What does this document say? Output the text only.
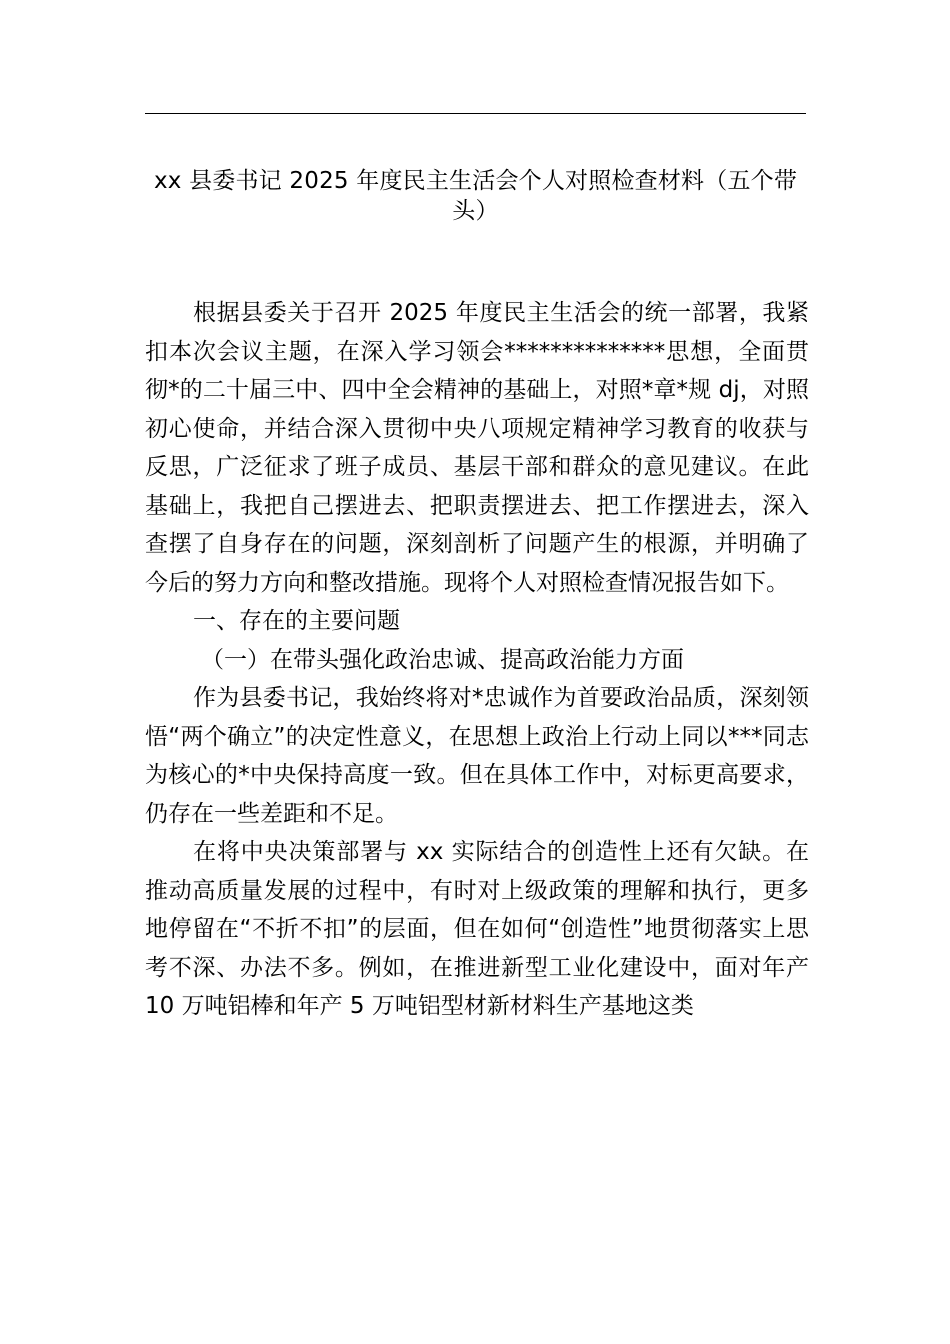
xx 县委书记 2025 年度民主生活会个人对照检查材料（五个带头）

根据县委关于召开 2025 年度民主生活会的统一部署，我紧扣本次会议主题，在深入学习领会**************思想，全面贯彻*的二十届三中、四中全会精神的基础上，对照*章*规 dj，对照初心使命，并结合深入贯彻中央八项规定精神学习教育的收获与反思，广泛征求了班子成员、基层干部和群众的意见建议。在此基础上，我把自己摆进去、把职责摆进去、把工作摆进去，深入查摆了自身存在的问题，深刻剖析了问题产生的根源，并明确了今后的努力方向和整改措施。现将个人对照检查情况报告如下。

一、存在的主要问题

（一）在带头强化政治忠诚、提高政治能力方面

作为县委书记，我始终将对*忠诚作为首要政治品质，深刻领悟“两个确立”的决定性意义，在思想上政治上行动上同以***同志为核心的*中央保持高度一致。但在具体工作中，对标更高要求，仍存在一些差距和不足。

在将中央决策部署与 xx 实际结合的创造性上还有欠缺。在推动高质量发展的过程中，有时对上级政策的理解和执行，更多地停留在“不折不扣”的层面，但在如何“创造性”地贯彻落实上思考不深、办法不多。例如，在推进新型工业化建设中，面对年产 10 万吨铝棒和年产 5 万吨铝型材新材料生产基地这类
